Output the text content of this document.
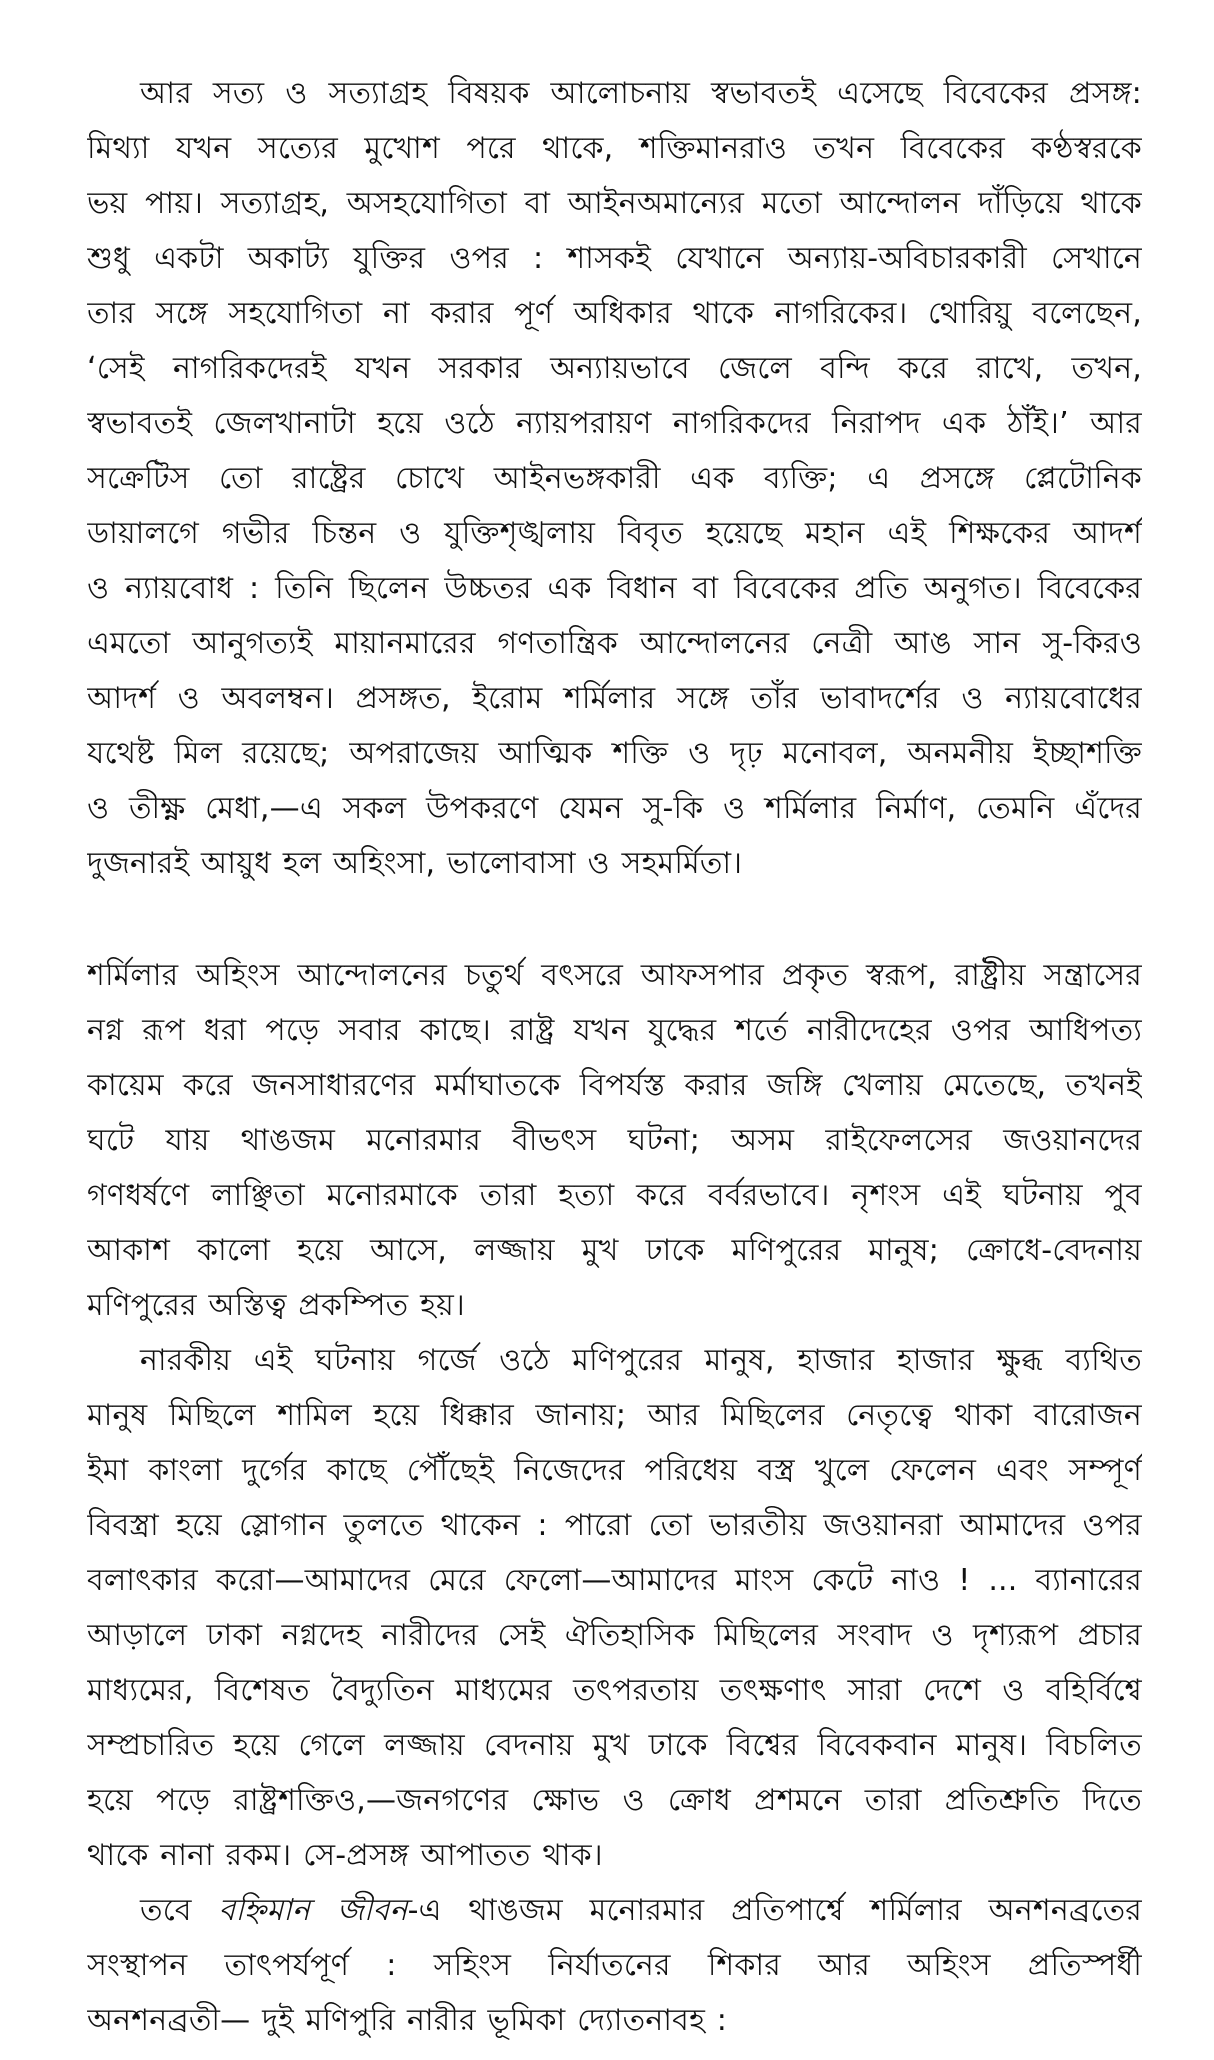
আর সত্য ও সত্যাগ্রহ বিষয়ক আলোচনায় স্বভাবতই এসেছে বিবেকের প্রসঙ্গ:
মিথ্যা যখন সত্যের মুখোশ পরে থাকে, শক্তিমানরাও তখন বিবেকের কণ্ঠস্বরকে
ভয় পায়। সত্যাগ্রহ, অসহযোগিতা বা আইনঅমান্যের মতো আন্দোলন দাঁড়িয়ে থাকে
শুধু একটা অকাট্য যুক্তির ওপর : শাসকই যেখানে অন্যায়-অবিচারকারী সেখানে
তার সঙ্গে সহযোগিতা না করার পূর্ণ অধিকার থাকে নাগরিকের। থোরিয়ু বলেছেন,
‘সেই নাগরিকদেরই যখন সরকার অন্যায়ভাবে জেলে বন্দি করে রাখে, তখন,
স্বভাবতই জেলখানাটা হয়ে ওঠে ন্যায়পরায়ণ নাগরিকদের নিরাপদ এক ঠাঁই।’ আর
সক্রেটিস তো রাষ্ট্রের চোখে আইনভঙ্গকারী এক ব্যক্তি; এ প্রসঙ্গে প্লেটোনিক
ডায়ালগে গভীর চিন্তন ও যুক্তিশৃঙ্খলায় বিবৃত হয়েছে মহান এই শিক্ষকের আদর্শ
ও ন্যায়বোধ : তিনি ছিলেন উচ্চতর এক বিধান বা বিবেকের প্রতি অনুগত। বিবেকের
এমতো আনুগত্যই মায়ানমারের গণতান্ত্রিক আন্দোলনের নেত্রী আঙ সান সু-কিরও
আদর্শ ও অবলম্বন। প্রসঙ্গত, ইরোম শর্মিলার সঙ্গে তাঁর ভাবাদর্শের ও ন্যায়বোধের
যথেষ্ট মিল রয়েছে; অপরাজেয় আত্মিক শক্তি ও দৃঢ় মনোবল, অনমনীয় ইচ্ছাশক্তি
ও তীক্ষ্ণ মেধা,—এ সকল উপকরণে যেমন সু-কি ও শর্মিলার নির্মাণ, তেমনি এঁদের
দুজনারই আয়ুধ হল অহিংসা, ভালোবাসা ও সহমর্মিতা।
শর্মিলার অহিংস আন্দোলনের চতুর্থ বৎসরে আফসপার প্রকৃত স্বরূপ, রাষ্ট্রীয় সন্ত্রাসের
নগ্ন রূপ ধরা পড়ে সবার কাছে। রাষ্ট্র যখন যুদ্ধের শর্তে নারীদেহের ওপর আধিপত্য
কায়েম করে জনসাধারণের মর্মাঘাতকে বিপর্যস্ত করার জঙ্গি খেলায় মেতেছে, তখনই
ঘটে যায় থাঙজম মনোরমার বীভৎস ঘটনা; অসম রাইফেলসের জওয়ানদের
গণধর্ষণে লাঞ্ছিতা মনোরমাকে তারা হত্যা করে বর্বরভাবে। নৃশংস এই ঘটনায় পুব
আকাশ কালো হয়ে আসে, লজ্জায় মুখ ঢাকে মণিপুরের মানুষ; ক্রোধে-বেদনায়
মণিপুরের অস্তিত্ব প্রকম্পিত হয়।
নারকীয় এই ঘটনায় গর্জে ওঠে মণিপুরের মানুষ, হাজার হাজার ক্ষুব্ধ ব্যথিত
মানুষ মিছিলে শামিল হয়ে ধিক্কার জানায়; আর মিছিলের নেতৃত্বে থাকা বারোজন
ইমা কাংলা দুর্গের কাছে পৌঁছেই নিজেদের পরিধেয় বস্ত্র খুলে ফেলেন এবং সম্পূর্ণ
বিবস্ত্রা হয়ে স্লোগান তুলতে থাকেন : পারো তো ভারতীয় জওয়ানরা আমাদের ওপর
বলাৎকার করো—আমাদের মেরে ফেলো—আমাদের মাংস কেটে নাও ! ... ব্যানারের
আড়ালে ঢাকা নগ্নদেহ নারীদের সেই ঐতিহাসিক মিছিলের সংবাদ ও দৃশ্যরূপ প্রচার
মাধ্যমের, বিশেষত বৈদ্যুতিন মাধ্যমের তৎপরতায় তৎক্ষণাৎ সারা দেশে ও বহির্বিশ্বে
সম্প্রচারিত হয়ে গেলে লজ্জায় বেদনায় মুখ ঢাকে বিশ্বের বিবেকবান মানুষ। বিচলিত
হয়ে পড়ে রাষ্ট্রশক্তিও,—জনগণের ক্ষোভ ও ক্রোধ প্রশমনে তারা প্রতিশ্রুতি দিতে
থাকে নানা রকম। সে-প্রসঙ্গ আপাতত থাক।
তবে বহ্নিমান জীবন-এ থাঙজম মনোরমার প্রতিপার্শ্বে শর্মিলার অনশনব্রতের
সংস্থাপন তাৎপর্যপূর্ণ : সহিংস নির্যাতনের শিকার আর অহিংস প্রতিস্পর্ধী
অনশনব্রতী— দুই মণিপুরি নারীর ভূমিকা দ্যোতনাবহ :
